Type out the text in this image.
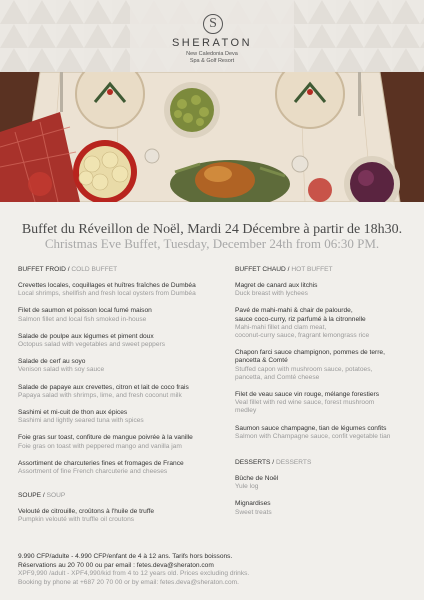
S
SHERATON
New Caledonia Deva
Spa & Golf Resort
Buffet du Réveillon de Noël, Mardi 24 Décembre à partir de 18h30.
Christmas Eve Buffet, Tuesday, December 24th from 06:30 PM.
BUFFET FROID / COLD BUFFET
Crevettes locales, coquillages et huîtres fraîches de Dumbéa
Local shrimps, shellfish and fresh local oysters from Dumbéa
Filet de saumon et poisson local fumé maison
Salmon fillet and local fish smoked in-house
Salade de poulpe aux légumes et piment doux
Octopus salad with vegetables and sweet peppers
Salade de cerf au soyo
Venison salad with soy sauce
Salade de papaye aux crevettes, citron et lait de coco frais
Papaya salad with shrimps, lime, and fresh coconut milk
Sashimi et mi-cuit de thon aux épices
Sashimi and lightly seared tuna with spices
Foie gras sur toast, confiture de mangue poivrée à la vanille
Foie gras on toast with peppered mango and vanilla jam
Assortiment de charcuteries fines et fromages de France
Assortment of fine French charcuterie and cheeses
SOUPE / SOUP
Velouté de citrouille, croûtons à l'huile de truffe
Pumpkin velouté with truffle oil croutons
BUFFET CHAUD / HOT BUFFET
Magret de canard aux litchis
Duck breast with lychees
Pavé de mahi-mahi & chair de palourde,
sauce coco-curry, riz parfumé à la citronnelle
Mahi-mahi fillet and clam meat,
coconut-curry sauce, fragrant lemongrass rice
Chapon farci sauce champignon, pommes de terre,
pancetta & Comté
Stuffed capon with mushroom sauce, potatoes,
pancetta, and Comté cheese
Filet de veau sauce vin rouge, mélange forestiers
Veal fillet with red wine sauce, forest mushroom
medley
Saumon sauce champagne, tian de légumes confits
Salmon with Champagne sauce, confit vegetable tian
DESSERTS / DESSERTS
Bûche de Noël
Yule log
Mignardises
Sweet treats
9.990 CFP/adulte - 4.990 CFP/enfant de 4 à 12 ans. Tarifs hors boissons.
Réservations au 20 70 00 ou par email : fetes.deva@sheraton.com
XPF9,990 /adult - XPF4,990/kid from 4 to 12 years old. Prices excluding drinks.
Booking by phone at +687 20 70 00 or by email: fetes.deva@sheraton.com.
